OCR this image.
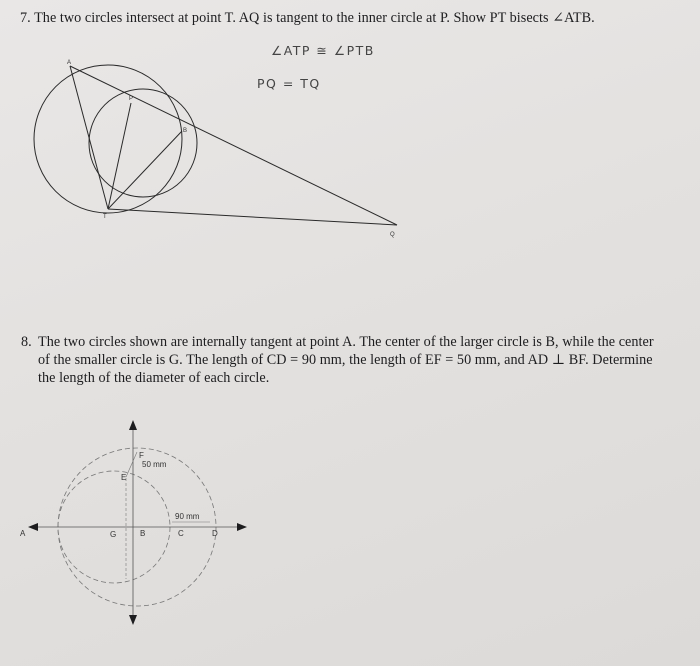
7. The two circles intersect at point T. AQ is tangent to the inner circle at P. Show PT bisects ∠ATB.
∠ATP ≅ ∠PTB
PQ = TQ
A
P
B
T
Q
8. The two circles shown are internally tangent at point A. The center of the larger circle is B, while the center
of the smaller circle is G. The length of CD = 90 mm, the length of EF = 50 mm, and AD ⊥ BF. Determine
the length of the diameter of each circle.
A	G	B	C	D
E
F
50 mm
90 mm
